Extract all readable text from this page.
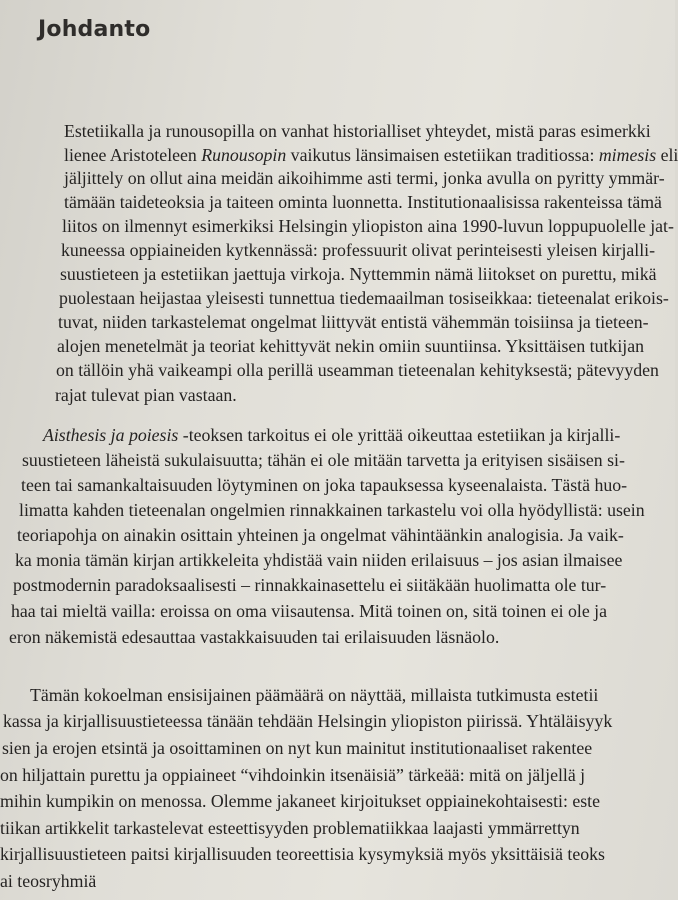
Johdanto

Estetiikalla ja runousopilla on vanhat historialliset yhteydet, mistä paras esimerkki

lienee Aristoteleen Runousopin vaikutus länsimaisen estetiikan traditiossa: mimesis eli

jäljittely on ollut aina meidän aikoihimme asti termi, jonka avulla on pyritty ymmär-

tämään taideteoksia ja taiteen ominta luonnetta. Institutionaalisissa rakenteissa tämä

liitos on ilmennyt esimerkiksi Helsingin yliopiston aina 1990-luvun loppupuolelle jat-

kuneessa oppiaineiden kytkennässä: professuurit olivat perinteisesti yleisen kirjalli-

suustieteen ja estetiikan jaettuja virkoja. Nyttemmin nämä liitokset on purettu, mikä

puolestaan heijastaa yleisesti tunnettua tiedemaailman tosiseikkaa: tieteenalat erikois-

tuvat, niiden tarkastelemat ongelmat liittyvät entistä vähemmän toisiinsa ja tieteen-

alojen menetelmät ja teoriat kehittyvät nekin omiin suuntiinsa. Yksittäisen tutkijan

on tällöin yhä vaikeampi olla perillä useamman tieteenalan kehityksestä; pätevyyden

rajat tulevat pian vastaan.

Aisthesis ja poiesis -teoksen tarkoitus ei ole yrittää oikeuttaa estetiikan ja kirjalli-

suustieteen läheistä sukulaisuutta; tähän ei ole mitään tarvetta ja erityisen sisäisen si-

teen tai samankaltaisuuden löytyminen on joka tapauksessa kyseenalaista. Tästä huo-

limatta kahden tieteenalan ongelmien rinnakkainen tarkastelu voi olla hyödyllistä: usein

teoriapohja on ainakin osittain yhteinen ja ongelmat vähintäänkin analogisia. Ja vaik-

ka monia tämän kirjan artikkeleita yhdistää vain niiden erilaisuus – jos asian ilmaisee

postmodernin paradoksaalisesti – rinnakkainasettelu ei siitäkään huolimatta ole tur-

haa tai mieltä vailla: eroissa on oma viisautensa. Mitä toinen on, sitä toinen ei ole ja

eron näkemistä edesauttaa vastakkaisuuden tai erilaisuuden läsnäolo.

Tämän kokoelman ensisijainen päämäärä on näyttää, millaista tutkimusta estetii

kassa ja kirjallisuustieteessa tänään tehdään Helsingin yliopiston piirissä. Yhtäläisyyk

sien ja erojen etsintä ja osoittaminen on nyt kun mainitut institutionaaliset rakentee

on hiljattain purettu ja oppiaineet “vihdoinkin itsenäisiä” tärkeää: mitä on jäljellä j

mihin kumpikin on menossa. Olemme jakaneet kirjoitukset oppiainekohtaisesti: este

tiikan artikkelit tarkastelevat esteettisyyden problematiikkaa laajasti ymmärrettyn

kirjallisuustieteen paitsi kirjallisuuden teoreettisia kysymyksiä myös yksittäisiä teoks

ai teosryhmiä
